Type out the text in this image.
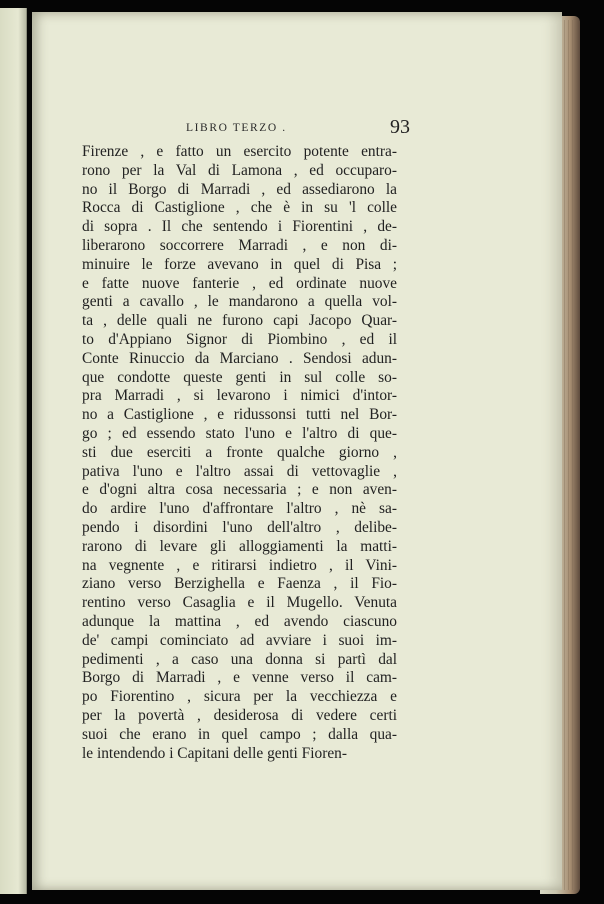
LIBRO TERZO .	93
Firenze , e fatto un esercito potente entra-
rono per la Val di Lamona , ed occuparo-
no il Borgo di Marradi , ed assediarono la
Rocca di Castiglione , che è in su 'l colle
di sopra . Il che sentendo i Fiorentini , de-
liberarono soccorrere Marradi , e non di-
minuire le forze avevano in quel di Pisa ;
e fatte nuove fanterie , ed ordinate nuove
genti a cavallo , le mandarono a quella vol-
ta , delle quali ne furono capi Jacopo Quar-
to d'Appiano Signor di Piombino , ed il
Conte Rinuccio da Marciano . Sendosi adun-
que condotte queste genti in sul colle so-
pra Marradi , si levarono i nimici d'intor-
no a Castiglione , e ridussonsi tutti nel Bor-
go ; ed essendo stato l'uno e l'altro di que-
sti due eserciti a fronte qualche giorno ,
pativa l'uno e l'altro assai di vettovaglie ,
e d'ogni altra cosa necessaria ; e non aven-
do ardire l'uno d'affrontare l'altro , nè sa-
pendo i disordini l'uno dell'altro , delibe-
rarono di levare gli alloggiamenti la matti-
na vegnente , e ritirarsi indietro , il Vini-
ziano verso Berzighella e Faenza , il Fio-
rentino verso Casaglia e il Mugello. Venuta
adunque la mattina , ed avendo ciascuno
de' campi cominciato ad avviare i suoi im-
pedimenti , a caso una donna si partì dal
Borgo di Marradi , e venne verso il cam-
po Fiorentino , sicura per la vecchiezza e
per la povertà , desiderosa di vedere certi
suoi che erano in quel campo ; dalla qua-
le intendendo i Capitani delle genti Fioren-
